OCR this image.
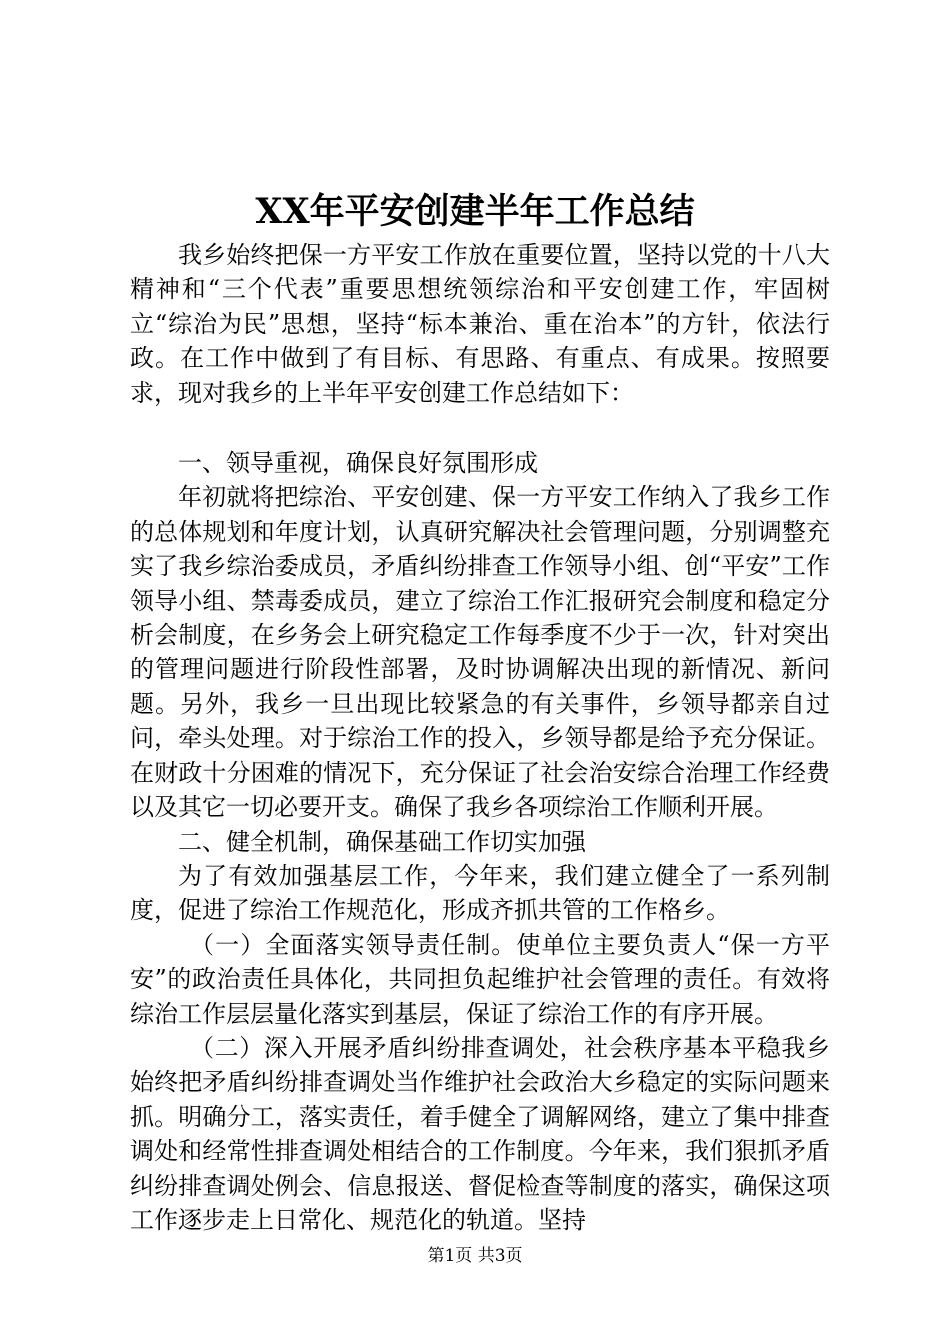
XX年平安创建半年工作总结

我乡始终把保一方平安工作放在重要位置，坚持以党的十八大精神和“三个代表”重要思想统领综治和平安创建工作，牢固树立“综治为民”思想，坚持“标本兼治、重在治本”的方针，依法行政。在工作中做到了有目标、有思路、有重点、有成果。按照要求，现对我乡的上半年平安创建工作总结如下：

一、领导重视，确保良好氛围形成

年初就将把综治、平安创建、保一方平安工作纳入了我乡工作的总体规划和年度计划，认真研究解决社会管理问题，分别调整充实了我乡综治委成员，矛盾纠纷排查工作领导小组、创“平安”工作领导小组、禁毒委成员，建立了综治工作汇报研究会制度和稳定分析会制度，在乡务会上研究稳定工作每季度不少于一次，针对突出的管理问题进行阶段性部署，及时协调解决出现的新情况、新问题。另外，我乡一旦出现比较紧急的有关事件，乡领导都亲自过问，牵头处理。对于综治工作的投入，乡领导都是给予充分保证。在财政十分困难的情况下，充分保证了社会治安综合治理工作经费以及其它一切必要开支。确保了我乡各项综治工作顺利开展。

二、健全机制，确保基础工作切实加强

为了有效加强基层工作，今年来，我们建立健全了一系列制度，促进了综治工作规范化，形成齐抓共管的工作格乡。

（一）全面落实领导责任制。使单位主要负责人“保一方平安”的政治责任具体化，共同担负起维护社会管理的责任。有效将综治工作层层量化落实到基层，保证了综治工作的有序开展。

（二）深入开展矛盾纠纷排查调处，社会秩序基本平稳我乡始终把矛盾纠纷排查调处当作维护社会政治大乡稳定的实际问题来抓。明确分工，落实责任，着手健全了调解网络，建立了集中排查调处和经常性排查调处相结合的工作制度。今年来，我们狠抓矛盾纠纷排查调处例会、信息报送、督促检查等制度的落实，确保这项工作逐步走上日常化、规范化的轨道。坚持

第1页 共3页
